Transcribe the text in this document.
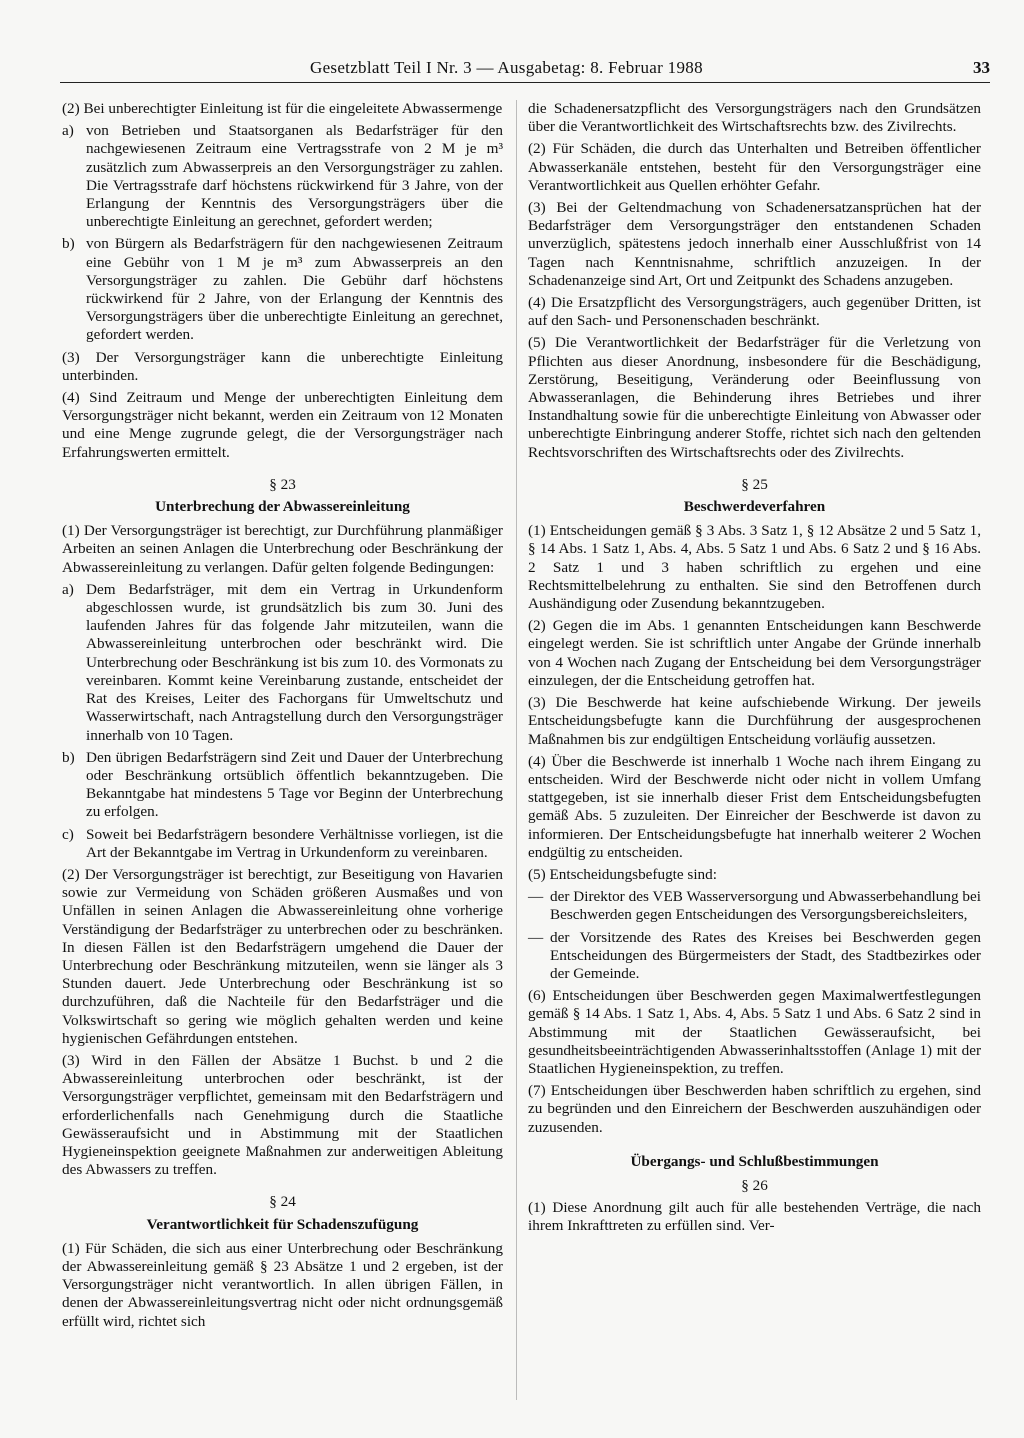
Gesetzblatt Teil I Nr. 3 — Ausgabetag: 8. Februar 1988	33

(2) Bei unberechtigter Einleitung ist für die eingeleitete Abwassermenge

a) von Betrieben und Staatsorganen als Bedarfsträger für den nachgewiesenen Zeitraum eine Vertragsstrafe von 2 M je m³ zusätzlich zum Abwasserpreis an den Versorgungsträger zu zahlen. Die Vertragsstrafe darf höchstens rückwirkend für 3 Jahre, von der Erlangung der Kenntnis des Versorgungsträgers über die unberechtigte Einleitung an gerechnet, gefordert werden;
b) von Bürgern als Bedarfsträgern für den nachgewiesenen Zeitraum eine Gebühr von 1 M je m³ zum Abwasserpreis an den Versorgungsträger zu zahlen. Die Gebühr darf höchstens rückwirkend für 2 Jahre, von der Erlangung der Kenntnis des Versorgungsträgers über die unberechtigte Einleitung an gerechnet, gefordert werden.

(3) Der Versorgungsträger kann die unberechtigte Einleitung unterbinden.

(4) Sind Zeitraum und Menge der unberechtigten Einleitung dem Versorgungsträger nicht bekannt, werden ein Zeitraum von 12 Monaten und eine Menge zugrunde gelegt, die der Versorgungsträger nach Erfahrungswerten ermittelt.

§ 23
Unterbrechung der Abwassereinleitung

(1) Der Versorgungsträger ist berechtigt, zur Durchführung planmäßiger Arbeiten an seinen Anlagen die Unterbrechung oder Beschränkung der Abwassereinleitung zu verlangen. Dafür gelten folgende Bedingungen:

a) Dem Bedarfsträger, mit dem ein Vertrag in Urkundenform abgeschlossen wurde, ist grundsätzlich bis zum 30. Juni des laufenden Jahres für das folgende Jahr mitzuteilen, wann die Abwassereinleitung unterbrochen oder beschränkt wird. Die Unterbrechung oder Beschränkung ist bis zum 10. des Vormonats zu vereinbaren. Kommt keine Vereinbarung zustande, entscheidet der Rat des Kreises, Leiter des Fachorgans für Umweltschutz und Wasserwirtschaft, nach Antragstellung durch den Versorgungsträger innerhalb von 10 Tagen.
b) Den übrigen Bedarfsträgern sind Zeit und Dauer der Unterbrechung oder Beschränkung ortsüblich öffentlich bekanntzugeben. Die Bekanntgabe hat mindestens 5 Tage vor Beginn der Unterbrechung zu erfolgen.
c) Soweit bei Bedarfsträgern besondere Verhältnisse vorliegen, ist die Art der Bekanntgabe im Vertrag in Urkundenform zu vereinbaren.

(2) Der Versorgungsträger ist berechtigt, zur Beseitigung von Havarien sowie zur Vermeidung von Schäden größeren Ausmaßes und von Unfällen in seinen Anlagen die Abwassereinleitung ohne vorherige Verständigung der Bedarfsträger zu unterbrechen oder zu beschränken. In diesen Fällen ist den Bedarfsträgern umgehend die Dauer der Unterbrechung oder Beschränkung mitzuteilen, wenn sie länger als 3 Stunden dauert. Jede Unterbrechung oder Beschränkung ist so durchzuführen, daß die Nachteile für den Bedarfsträger und die Volkswirtschaft so gering wie möglich gehalten werden und keine hygienischen Gefährdungen entstehen.

(3) Wird in den Fällen der Absätze 1 Buchst. b und 2 die Abwassereinleitung unterbrochen oder beschränkt, ist der Versorgungsträger verpflichtet, gemeinsam mit den Bedarfsträgern und erforderlichenfalls nach Genehmigung durch die Staatliche Gewässeraufsicht und in Abstimmung mit der Staatlichen Hygieneinspektion geeignete Maßnahmen zur anderweitigen Ableitung des Abwassers zu treffen.

§ 24
Verantwortlichkeit für Schadenszufügung

(1) Für Schäden, die sich aus einer Unterbrechung oder Beschränkung der Abwassereinleitung gemäß § 23 Absätze 1 und 2 ergeben, ist der Versorgungsträger nicht verantwortlich. In allen übrigen Fällen, in denen der Abwassereinleitungsvertrag nicht oder nicht ordnungsgemäß erfüllt wird, richtet sich

die Schadenersatzpflicht des Versorgungsträgers nach den Grundsätzen über die Verantwortlichkeit des Wirtschaftsrechts bzw. des Zivilrechts.

(2) Für Schäden, die durch das Unterhalten und Betreiben öffentlicher Abwasserkanäle entstehen, besteht für den Versorgungsträger eine Verantwortlichkeit aus Quellen erhöhter Gefahr.

(3) Bei der Geltendmachung von Schadenersatzansprüchen hat der Bedarfsträger dem Versorgungsträger den entstandenen Schaden unverzüglich, spätestens jedoch innerhalb einer Ausschlußfrist von 14 Tagen nach Kenntnisnahme, schriftlich anzuzeigen. In der Schadenanzeige sind Art, Ort und Zeitpunkt des Schadens anzugeben.

(4) Die Ersatzpflicht des Versorgungsträgers, auch gegenüber Dritten, ist auf den Sach- und Personenschaden beschränkt.

(5) Die Verantwortlichkeit der Bedarfsträger für die Verletzung von Pflichten aus dieser Anordnung, insbesondere für die Beschädigung, Zerstörung, Beseitigung, Veränderung oder Beeinflussung von Abwasseranlagen, die Behinderung ihres Betriebes und ihrer Instandhaltung sowie für die unberechtigte Einleitung von Abwasser oder unberechtigte Einbringung anderer Stoffe, richtet sich nach den geltenden Rechtsvorschriften des Wirtschaftsrechts oder des Zivilrechts.

§ 25
Beschwerdeverfahren

(1) Entscheidungen gemäß § 3 Abs. 3 Satz 1, § 12 Absätze 2 und 5 Satz 1, § 14 Abs. 1 Satz 1, Abs. 4, Abs. 5 Satz 1 und Abs. 6 Satz 2 und § 16 Abs. 2 Satz 1 und 3 haben schriftlich zu ergehen und eine Rechtsmittelbelehrung zu enthalten. Sie sind den Betroffenen durch Aushändigung oder Zusendung bekanntzugeben.

(2) Gegen die im Abs. 1 genannten Entscheidungen kann Beschwerde eingelegt werden. Sie ist schriftlich unter Angabe der Gründe innerhalb von 4 Wochen nach Zugang der Entscheidung bei dem Versorgungsträger einzulegen, der die Entscheidung getroffen hat.

(3) Die Beschwerde hat keine aufschiebende Wirkung. Der jeweils Entscheidungsbefugte kann die Durchführung der ausgesprochenen Maßnahmen bis zur endgültigen Entscheidung vorläufig aussetzen.

(4) Über die Beschwerde ist innerhalb 1 Woche nach ihrem Eingang zu entscheiden. Wird der Beschwerde nicht oder nicht in vollem Umfang stattgegeben, ist sie innerhalb dieser Frist dem Entscheidungsbefugten gemäß Abs. 5 zuzuleiten. Der Einreicher der Beschwerde ist davon zu informieren. Der Entscheidungsbefugte hat innerhalb weiterer 2 Wochen endgültig zu entscheiden.

(5) Entscheidungsbefugte sind:

— der Direktor des VEB Wasserversorgung und Abwasserbehandlung bei Beschwerden gegen Entscheidungen des Versorgungsbereichsleiters,
— der Vorsitzende des Rates des Kreises bei Beschwerden gegen Entscheidungen des Bürgermeisters der Stadt, des Stadtbezirkes oder der Gemeinde.

(6) Entscheidungen über Beschwerden gegen Maximalwertfestlegungen gemäß § 14 Abs. 1 Satz 1, Abs. 4, Abs. 5 Satz 1 und Abs. 6 Satz 2 sind in Abstimmung mit der Staatlichen Gewässeraufsicht, bei gesundheitsbeeinträchtigenden Abwasserinhaltsstoffen (Anlage 1) mit der Staatlichen Hygieneinspektion, zu treffen.

(7) Entscheidungen über Beschwerden haben schriftlich zu ergehen, sind zu begründen und den Einreichern der Beschwerden auszuhändigen oder zuzusenden.

Übergangs- und Schlußbestimmungen
§ 26

(1) Diese Anordnung gilt auch für alle bestehenden Verträge, die nach ihrem Inkrafttreten zu erfüllen sind. Ver-
